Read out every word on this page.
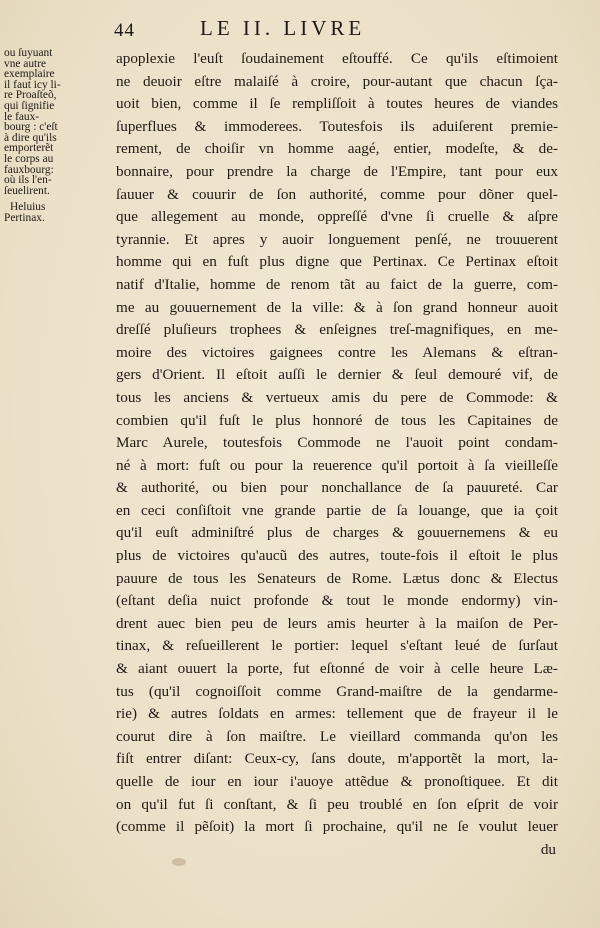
44	LE II. LIVRE
ou ſuyuant
vne autre
exemplaire
il faut icy li-
re Proaſteõ,
qui ſignifie
le faux-
bourg : c'eſt
à dire qu'ils
emporterẽt
le corps au
fauxbourg:
où ils l'en-
ſeuelirent.
Heluius
Pertinax.
apoplexie l'euſt ſoudainement eſtouffé. Ce qu'ils eſtimoient
ne deuoir eſtre malaiſé à croire, pour-autant que chacun ſça-
uoit bien, comme il ſe rempliſſoit à toutes heures de viandes
ſuperflues & immoderees. Toutesfois ils aduiſerent premie-
rement, de choiſir vn homme aagé, entier, modeſte, & de-
bonnaire, pour prendre la charge de l'Empire, tant pour eux
ſauuer & couurir de ſon authorité, comme pour dõner quel-
que allegement au monde, oppreſſé d'vne ſi cruelle & aſpre
tyrannie. Et apres y auoir longuement penſé, ne trouuerent
homme qui en fuſt plus digne que Pertinax. Ce Pertinax eſtoit
natif d'Italie, homme de renom tãt au faict de la guerre, com-
me au gouuernement de la ville: & à ſon grand honneur auoit
dreſſé pluſieurs trophees & enſeignes treſ-magnifiques, en me-
moire des victoires gaignees contre les Alemans & eſtran-
gers d'Orient. Il eſtoit auſſi le dernier & ſeul demouré vif, de
tous les anciens & vertueux amis du pere de Commode: &
combien qu'il fuſt le plus honnoré de tous les Capitaines de
Marc Aurele, toutesfois Commode ne l'auoit point condam-
né à mort: fuſt ou pour la reuerence qu'il portoit à ſa vieilleſſe
& authorité, ou bien pour nonchallance de ſa pauureté. Car
en ceci conſiſtoit vne grande partie de ſa louange, que ia çoit
qu'il euſt adminiſtré plus de charges & gouuernemens & eu
plus de victoires qu'aucũ des autres, toute-fois il eſtoit le plus
pauure de tous les Senateurs de Rome. Lætus donc & Electus
(eſtant deſia nuict profonde & tout le monde endormy) vin-
drent auec bien peu de leurs amis heurter à la maiſon de Per-
tinax, & reſueillerent le portier: lequel s'eſtant leué de ſurſaut
& aiant ouuert la porte, fut eſtonné de voir à celle heure Læ-
tus (qu'il cognoiſſoit comme Grand-maiſtre de la gendarme-
rie) & autres ſoldats en armes: tellement que de frayeur il le
courut dire à ſon maiſtre. Le vieillard commanda qu'on les
fiſt entrer diſant: Ceux-cy, ſans doute, m'apportẽt la mort, la-
quelle de iour en iour i'auoye attẽdue & pronoſtiquee. Et dit
on qu'il fut ſi conſtant, & ſi peu troublé en ſon eſprit de voir
(comme il pẽſoit) la mort ſi prochaine, qu'il ne ſe voulut leuer
du
